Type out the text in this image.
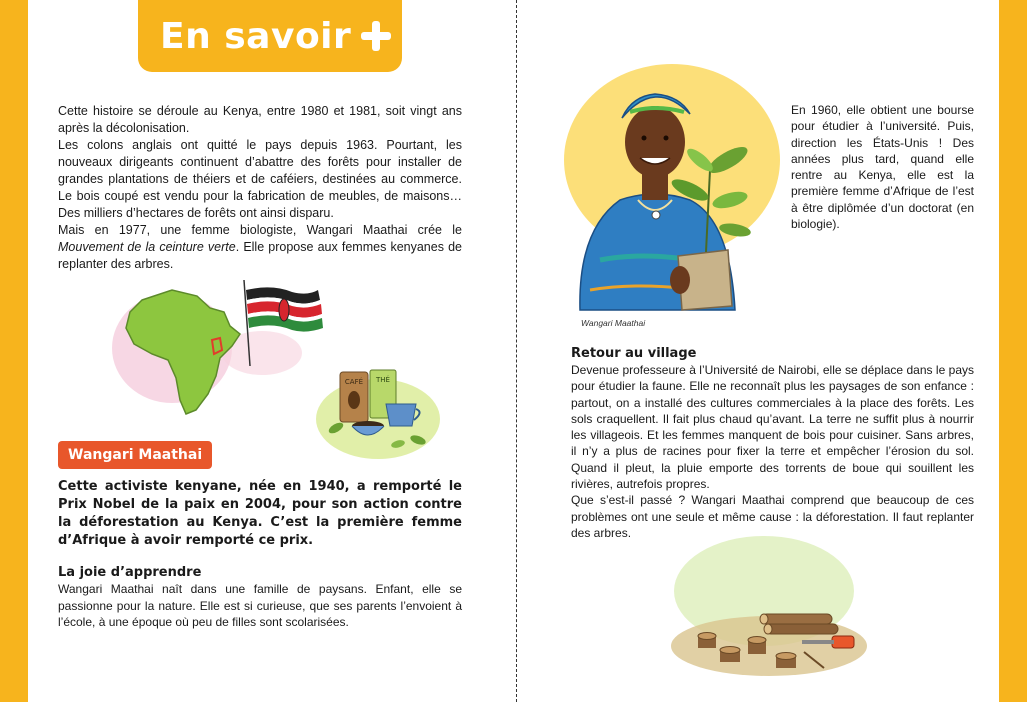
En savoir

Cette histoire se déroule au Kenya, entre 1980 et 1981, soit vingt ans après la décolonisation.

Les colons anglais ont quitté le pays depuis 1963. Pourtant, les nouveaux dirigeants continuent d’abattre des forêts pour installer de grandes plantations de théiers et de caféiers, destinées au commerce. Le bois coupé est vendu pour la fabrication de meubles, de maisons… Des milliers d’hectares de forêts ont ainsi disparu.

Mais en 1977, une femme biologiste, Wangari Maathai crée le Mouvement de la ceinture verte. Elle propose aux femmes kenyanes de replanter des arbres.

CAFÉ THÉ
Wangari Maathai
Cette activiste kenyane, née en 1940, a remporté le Prix Nobel de la paix en 2004, pour son action contre la déforestation au Kenya. C’est la première femme d’Afrique à avoir remporté ce prix.
La joie d’apprendre

Wangari Maathai naît dans une famille de paysans. Enfant, elle se passionne pour la nature. Elle est si curieuse, que ses parents l’envoient à l’école, à une époque où peu de filles sont scolarisées.

En 1960, elle obtient une bourse pour étudier à l’université. Puis, direction les États-Unis ! Des années plus tard, quand elle rentre au Kenya, elle est la première femme d’Afrique de l’est à être diplômée d’un doctorat (en biologie).

Wangari Maathai
Retour au village

Devenue professeure à l’Université de Nairobi, elle se déplace dans le pays pour étudier la faune. Elle ne reconnaît plus les paysages de son enfance : partout, on a installé des cultures commerciales à la place des forêts. Les sols craquellent. Il fait plus chaud qu’avant. La terre ne suffit plus à nourrir les villageois. Et les femmes manquent de bois pour cuisiner. Sans arbres, il n’y a plus de racines pour fixer la terre et empêcher l’érosion du sol. Quand il pleut, la pluie emporte des torrents de boue qui souillent les rivières, autrefois propres.

Que s’est-il passé ? Wangari Maathai comprend que beaucoup de ces problèmes ont une seule et même cause : la déforestation. Il faut replanter des arbres.
